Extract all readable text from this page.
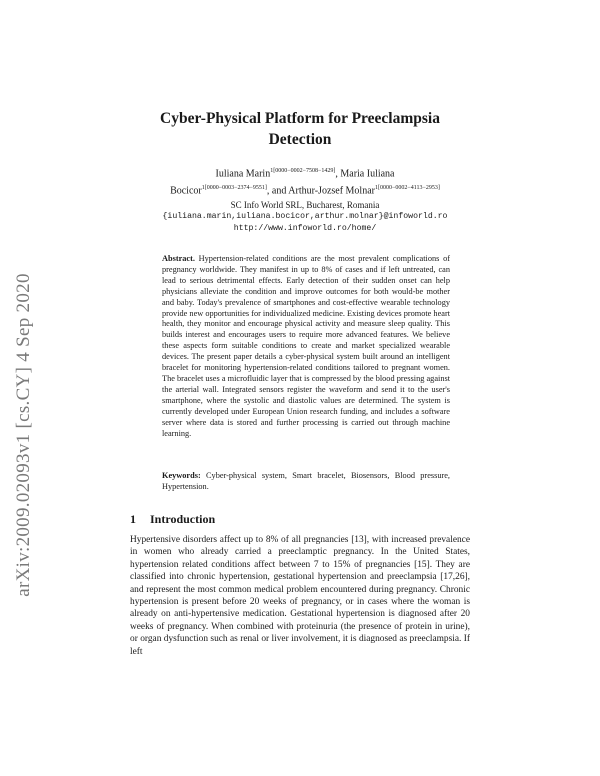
arXiv:2009.02093v1 [cs.CY] 4 Sep 2020
Cyber-Physical Platform for Preeclampsia
Detection
Iuliana Marin$^{1[0000-0002-7508-1429]}$, Maria Iuliana
Bocicor$^{1[0000-0003-2374-9551]}$, and Arthur-Jozsef Molnar$^{1[0000-0002-4113-2953]}$
SC Info World SRL, Bucharest, Romania
{iuliana.marin,iuliana.bocicor,arthur.molnar}@infoworld.ro
http://www.infoworld.ro/home/
Abstract. Hypertension-related conditions are the most prevalent complications of pregnancy worldwide. They manifest in up to 8% of cases and if left untreated, can lead to serious detrimental effects. Early detection of their sudden onset can help physicians alleviate the condition and improve outcomes for both would-be mother and baby. Today's prevalence of smartphones and cost-effective wearable technology provide new opportunities for individualized medicine. Existing devices promote heart health, they monitor and encourage physical activity and measure sleep quality. This builds interest and encourages users to require more advanced features. We believe these aspects form suitable conditions to create and market specialized wearable devices. The present paper details a cyber-physical system built around an intelligent bracelet for monitoring hypertension-related conditions tailored to pregnant women. The bracelet uses a microfluidic layer that is compressed by the blood pressing against the arterial wall. Integrated sensors register the waveform and send it to the user's smartphone, where the systolic and diastolic values are determined. The system is currently developed under European Union research funding, and includes a software server where data is stored and further processing is carried out through machine learning.
Keywords: Cyber-physical system, Smart bracelet, Biosensors, Blood pressure, Hypertension.
1 Introduction
Hypertensive disorders affect up to 8% of all pregnancies [13], with increased prevalence in women who already carried a preeclamptic pregnancy. In the United States, hypertension related conditions affect between 7 to 15% of pregnancies [15]. They are classified into chronic hypertension, gestational hypertension and preeclampsia [17,26], and represent the most common medical problem encountered during pregnancy. Chronic hypertension is present before 20 weeks of pregnancy, or in cases where the woman is already on anti-hypertensive medication. Gestational hypertension is diagnosed after 20 weeks of pregnancy. When combined with proteinuria (the presence of protein in urine), or organ dysfunction such as renal or liver involvement, it is diagnosed as preeclampsia. If left
